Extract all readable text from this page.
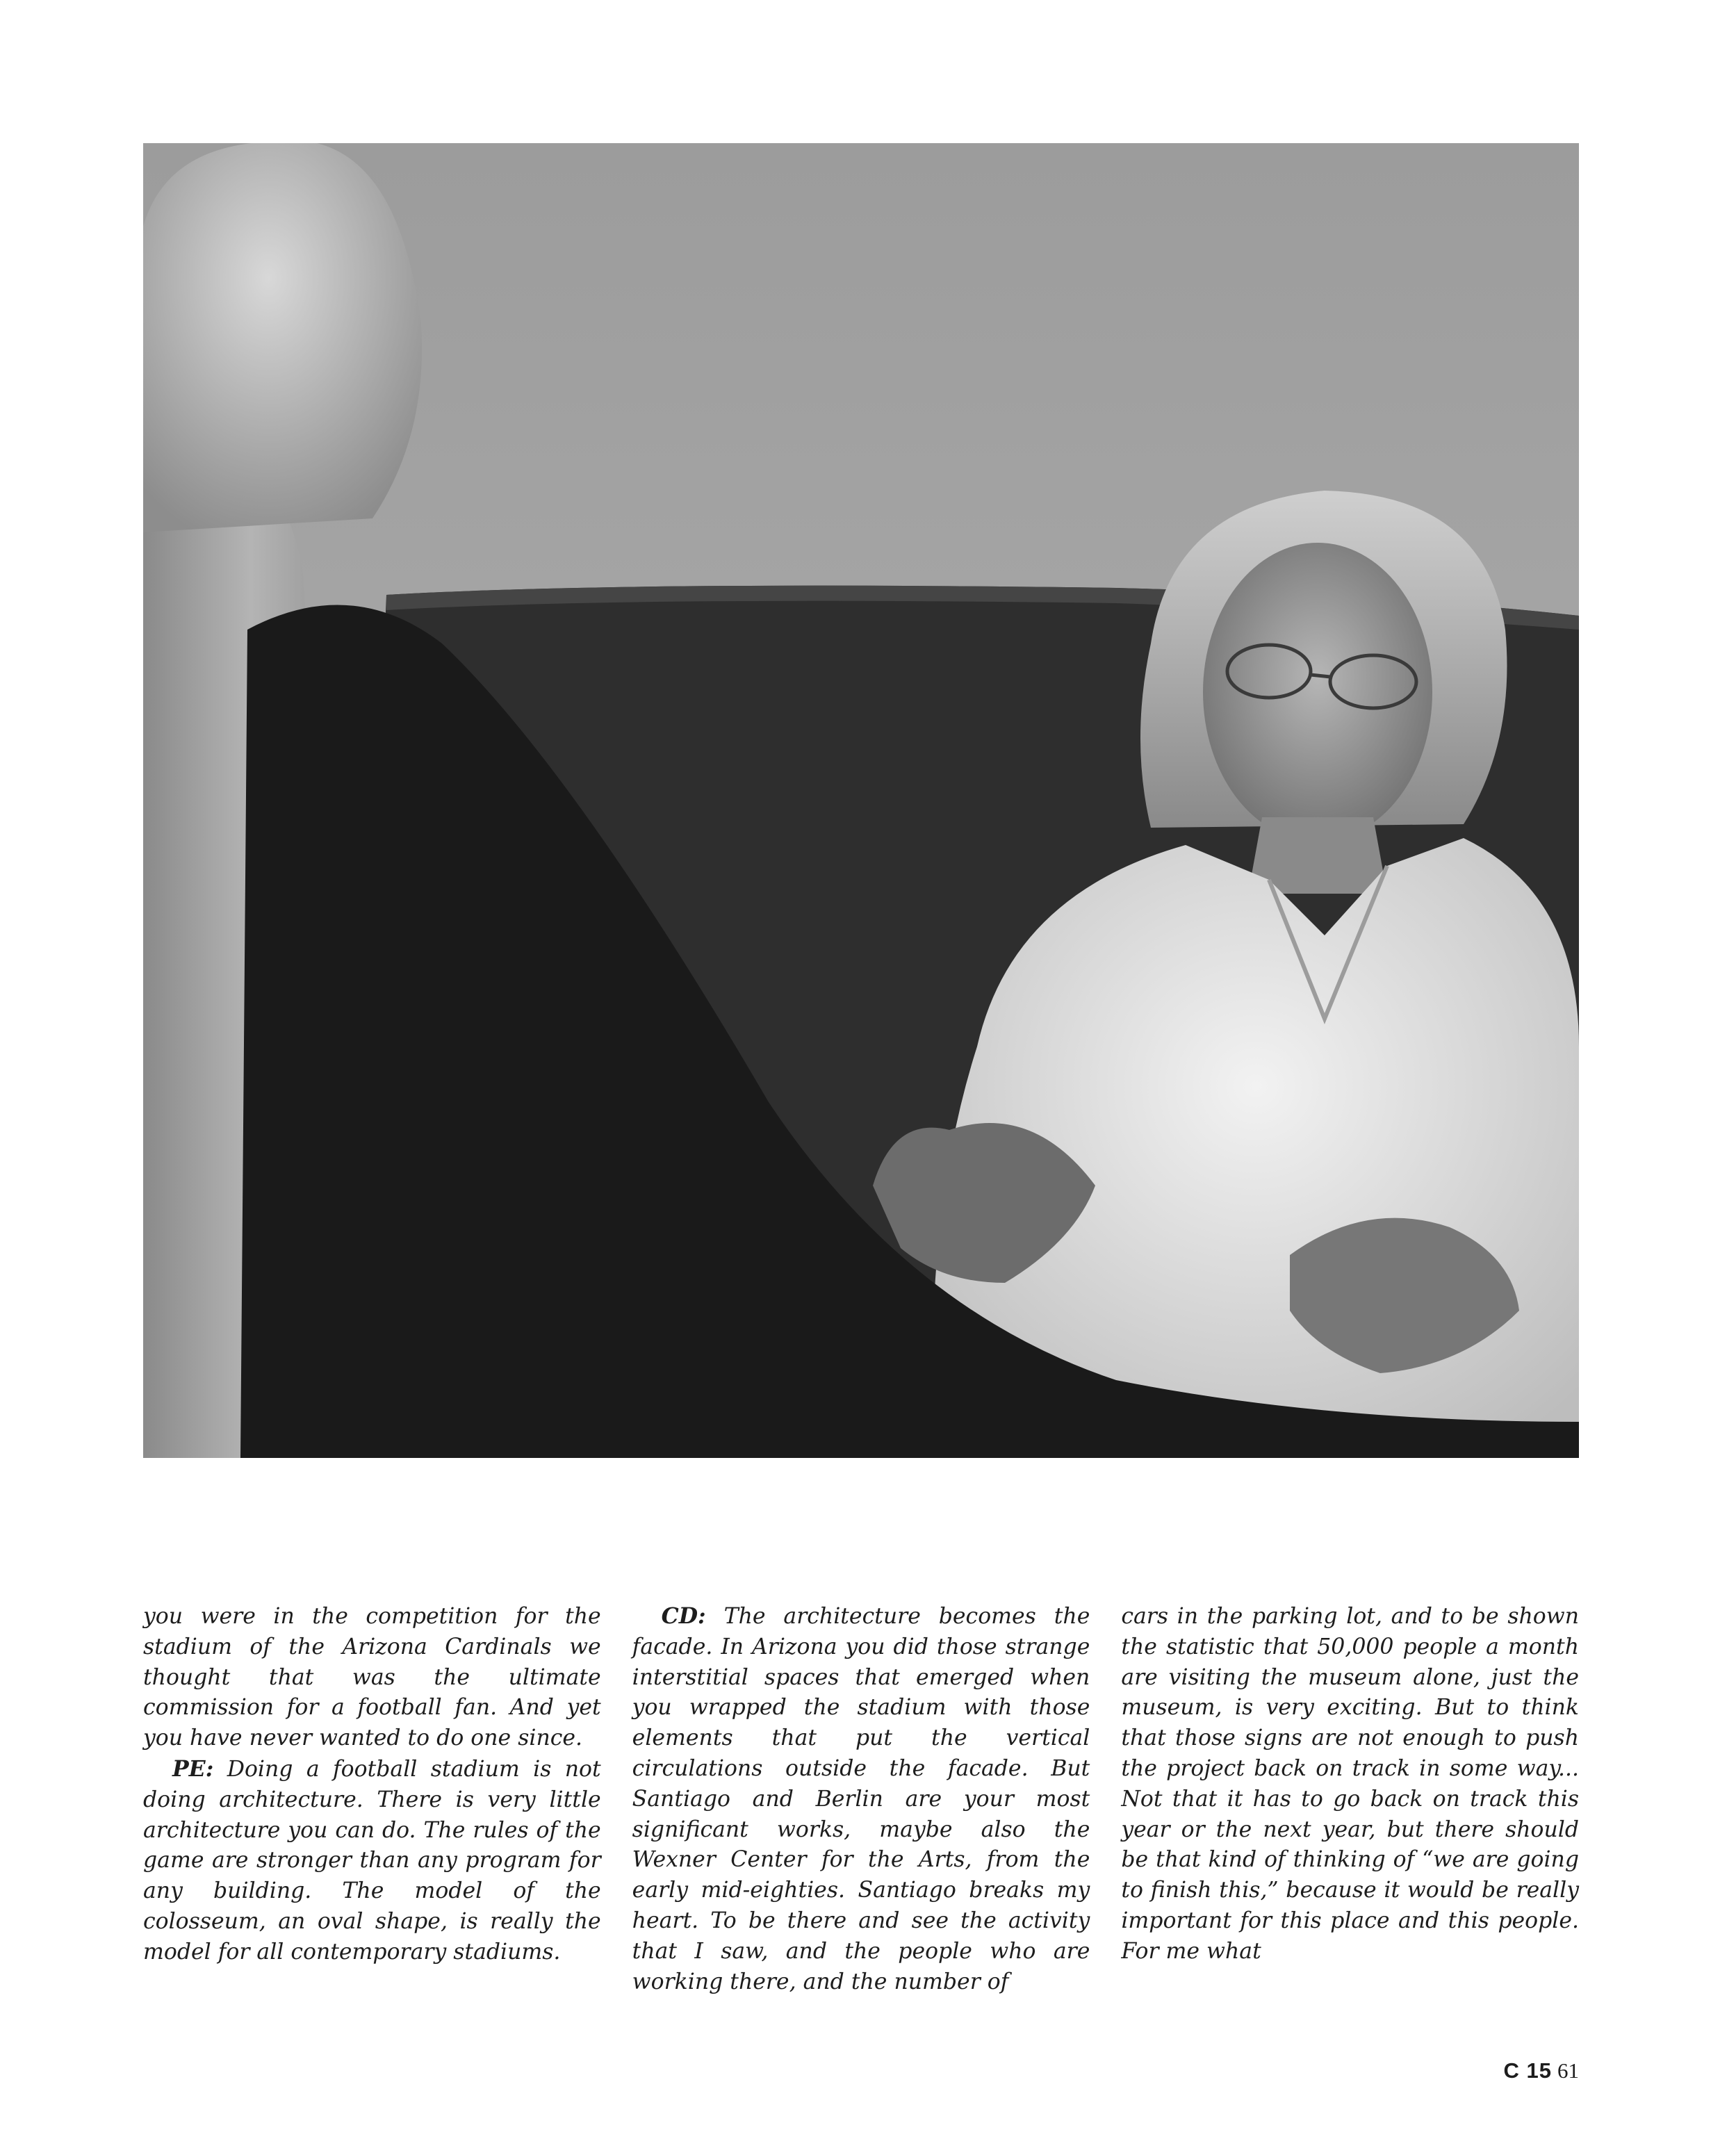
you were in the competition for the stadium of the Arizona Cardinals we thought that was the ultimate commission for a football fan. And yet you have never wanted to do one since.

PE: Doing a football stadium is not doing architecture. There is very little architecture you can do. The rules of the game are stronger than any program for any building. The model of the colosseum, an oval shape, is really the model for all contemporary stadiums.

CD: The architecture becomes the facade. In Arizona you did those strange interstitial spaces that emerged when you wrapped the stadium with those elements that put the vertical circulations outside the facade. But Santiago and Berlin are your most significant works, maybe also the Wexner Center for the Arts, from the early mid-eighties. Santiago breaks my heart. To be there and see the activity that I saw, and the people who are working there, and the number of

cars in the parking lot, and to be shown the statistic that 50,000 people a month are visiting the museum alone, just the museum, is very exciting. But to think that those signs are not enough to push the project back on track in some way... Not that it has to go back on track this year or the next year, but there should be that kind of thinking of “we are going to finish this,” because it would be really important for this place and this people. For me what

C 15 61
